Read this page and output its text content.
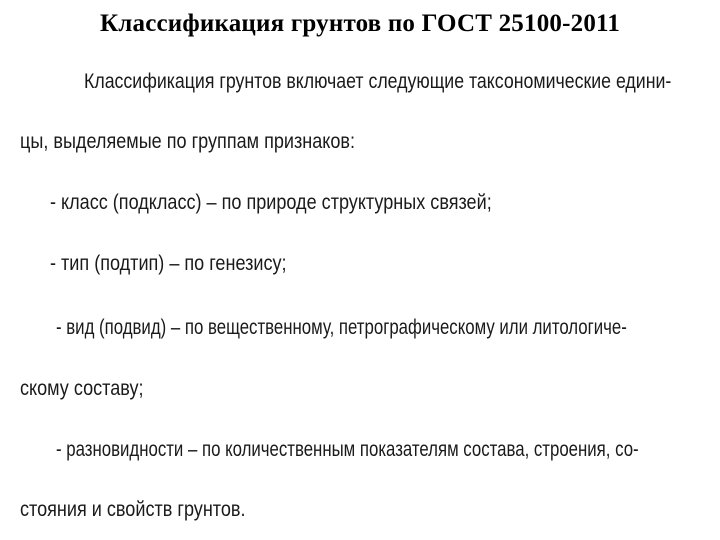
Классификация грунтов по ГОСТ 25100-2011
Классификация грунтов включает следующие таксономические едини-
цы, выделяемые по группам признаков:
- класс (подкласс) – по природе структурных связей;
- тип (подтип) – по генезису;
- вид (подвид) – по вещественному, петрографическому или литологиче-
скому составу;
- разновидности – по количественным показателям состава, строения, со-
стояния и свойств грунтов.
